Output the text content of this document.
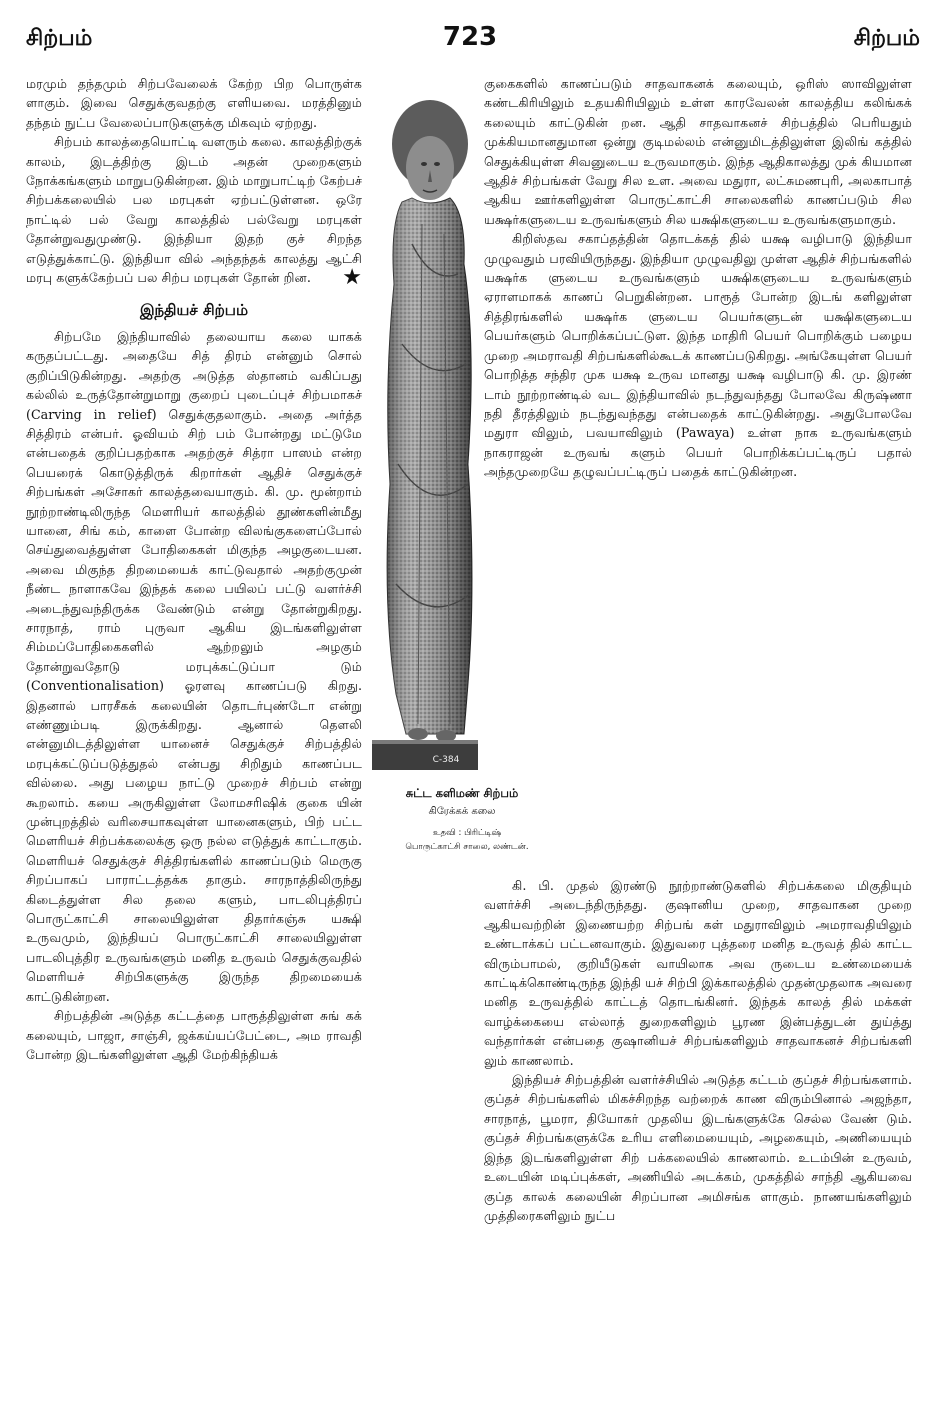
சிற்பம்	723	சிற்பம்

மரமும் தந்தமும் சிற்பவேலைக் கேற்ற பிற பொருள்க ளாகும். இவை செதுக்குவதற்கு எளியவை. மரத்தினும் தந்தம் நுட்ப வேலைப்பாடுகளுக்கு மிகவும் ஏற்றது.

சிற்பம் காலத்தையொட்டி வளரும் கலை. காலத்திற்குக் காலம், இடத்திற்கு இடம் அதன் முறைகளும் நோக்கங்களும் மாறுபடுகின்றன. இம் மாறுபாட்டிற் கேற்பச் சிற்பக்கலையில் பல மரபுகள் ஏற்பட்டுள்ளன. ஒரே நாட்டில் பல் வேறு காலத்தில் பல்வேறு மரபுகள் தோன்றுவதுமுண்டு. இந்தியா இதற் குச் சிறந்த எடுத்துக்காட்டு. இந்தியா வில் அந்தந்தக் காலத்து ஆட்சி மரபு களுக்கேற்பப் பல சிற்ப மரபுகள் தோன் றின.	★

இந்தியச் சிற்பம்

சிற்பமே இந்தியாவில் தலையாய கலை யாகக் கருதப்பட்டது. அதையே சித் திரம் என்னும் சொல் குறிப்பிடுகின்றது. அதற்கு அடுத்த ஸ்தானம் வகிப்பது கல்லில் உருத்தோன்றுமாறு குறைப் புடைப்புச் சிற்பமாகச் (Carving in relief) செதுக்குதலாகும். அதை அர்த்த சித்திரம் என்பர். ஓவியம் சிற் பம் போன்றது மட்டுமே என்பதைக் குறிப்பதற்காக அதற்குச் சித்ரா பாஸம் என்ற பெயரைக் கொடுத்திருக் கிறார்கள் ஆதிச் செதுக்குச் சிற்பங்கள் அசோகர் காலத்தவையாகும். கி. மு. மூன்றாம் நூற்றாண்டிலிருந்த மௌரியர் காலத்தில் தூண்களின்மீது யானை, சிங் கம், காளை போன்ற விலங்குகளைப்போல் செய்துவைத்துள்ள போதிகைகள் மிகுந்த அழகுடையன. அவை மிகுந்த திறமையைக் காட்டுவதால் அதற்குமுன் நீண்ட நாளாகவே இந்தக் கலை பயிலப் பட்டு வளர்ச்சி அடைந்துவந்திருக்க வேண்டும் என்று தோன்றுகிறது. சாரநாத், ராம் புருவா ஆகிய இடங்களிலுள்ள சிம்மப்போதிகைகளில் ஆற்றலும் அழகும் தோன்றுவதோடு மரபுக்கட்டுப்பா டும் (Conventionalisation) ஓரளவு காணப்படு கிறது. இதனால் பாரசீகக் கலையின் தொடர்புண்டோ என்று எண்ணும்படி இருக்கிறது. ஆனால் தௌலி என்னுமிடத்திலுள்ள யானைச் செதுக்குச் சிற்பத்தில் மரபுக்கட்டுப்படுத்துதல் என்பது சிறிதும் காணப்பட வில்லை. அது பழைய நாட்டு முறைச் சிற்பம் என்று கூறலாம். கயை அருகிலுள்ள லோமசரிஷிக் குகை யின் முன்புறத்தில் வரிசையாகவுள்ள யானைகளும், பிற் பட்ட மௌரியச் சிற்பக்கலைக்கு ஒரு நல்ல எடுத்துக் காட்டாகும். மௌரியச் செதுக்குச் சித்திரங்களில் காணப்படும் மெருகு சிறப்பாகப் பாராட்டத்தக்க தாகும். சாரநாத்திலிருந்து கிடைத்துள்ள சில தலை களும், பாடலிபுத்திரப் பொருட்காட்சி சாலையிலுள்ள திதார்கஞ்சு யக்ஷி உருவமும், இந்தியப் பொருட்காட்சி சாலையிலுள்ள பாடலிபுத்திர உருவங்களும் மனித உருவம் செதுக்குவதில் மௌரியச் சிற்பிகளுக்கு இருந்த திறமையைக் காட்டுகின்றன.

சிற்பத்தின் அடுத்த கட்டத்தை பாரூத்திலுள்ள சுங் கக் கலையும், பாஜா, சாஞ்சி, ஜக்கய்யப்பேட்டை, அம ராவதி போன்ற இடங்களிலுள்ள ஆதி மேற்கிந்தியக்

C-384
சுட்ட களிமண் சிற்பம்
கிரேக்கக் கலை
உதவி : பிரிட்டிஷ்
பொருட்காட்சி சாலை, லண்டன்.

குகைகளில் காணப்படும் சாதவாகனக் கலையும், ஒரிஸ் ஸாவிலுள்ள கண்டகிரியிலும் உதயகிரியிலும் உள்ள காரவேலன் காலத்திய கலிங்கக் கலையும் காட்டுகின் றன. ஆதி சாதவாகனச் சிற்பத்தில் பெரியதும் முக்கியமானதுமான ஒன்று குடிமல்லம் என்னுமிடத்திலுள்ள இலிங் கத்தில் செதுக்கியுள்ள சிவனுடைய உருவமாகும். இந்த ஆதிகாலத்து முக் கியமான ஆதிச் சிற்பங்கள் வேறு சில உள. அவை மதுரா, லட்சுமணபுரி, அலகாபாத் ஆகிய ஊர்களிலுள்ள பொருட்காட்சி சாலைகளில் காணப்படும் சில யக்ஷர்களுடைய உருவங்களும் சில யக்ஷிகளுடைய உருவங்களுமாகும்.

கிறிஸ்தவ சகாப்தத்தின் தொடக்கத் தில் யக்ஷ வழிபாடு இந்தியா முழுவதும் பரவியிருந்தது. இந்தியா முழுவதிலு முள்ள ஆதிச் சிற்பங்களில் யக்ஷர்க ளுடைய உருவங்களும் யக்ஷிகளுடைய உருவங்களும் ஏராளமாகக் காணப் பெறுகின்றன. பாரூத் போன்ற இடங் களிலுள்ள சித்திரங்களில் யக்ஷர்க ளுடைய பெயர்களுடன் யக்ஷிகளுடைய பெயர்களும் பொறிக்கப்பட்டுள. இந்த மாதிரி பெயர் பொறிக்கும் பழைய முறை அமராவதி சிற்பங்களில்கூடக் காணப்படுகிறது. அங்கேயுள்ள பெயர் பொறித்த சந்திர முக யக்ஷ உருவ மானது யக்ஷ வழிபாடு கி. மு. இரண் டாம் நூற்றாண்டில் வட இந்தியாவில் நடந்துவந்தது போலவே கிருஷ்ணா நதி தீரத்திலும் நடந்துவந்தது என்பதைக் காட்டுகின்றது. அதுபோலவே மதுரா விலும், பவயாவிலும் (Pawaya) உள்ள நாக உருவங்களும் நாகராஜன் உருவங் களும் பெயர் பொறிக்கப்பட்டிருப் பதால் அந்தமுறையே தழுவப்பட்டிருப் பதைக் காட்டுகின்றன.

கி. பி. முதல் இரண்டு நூற்றாண்டுகளில் சிற்பக்கலை மிகுதியும் வளர்ச்சி அடைந்திருந்தது. குஷானிய முறை, சாதவாகன முறை ஆகியவற்றின் இணையற்ற சிற்பங் கள் மதுராவிலும் அமராவதியிலும் உண்டாக்கப் பட்டனவாகும். இதுவரை புத்தரை மனித உருவத் தில் காட்ட விரும்பாமல், குறியீடுகள் வாயிலாக அவ ருடைய உண்மையைக் காட்டிக்கொண்டிருந்த இந்தி யச் சிற்பி இக்காலத்தில் முதன்முதலாக அவரை மனித உருவத்தில் காட்டத் தொடங்கினர். இந்தக் காலத் தில் மக்கள் வாழ்க்கையை எல்லாத் துறைகளிலும் பூரண இன்பத்துடன் துய்த்து வந்தார்கள் என்பதை குஷானியச் சிற்பங்களிலும் சாதவாகனச் சிற்பங்களி லும் காணலாம்.

இந்தியச் சிற்பத்தின் வளர்ச்சியில் அடுத்த கட்டம் குப்தச் சிற்பங்களாம். குப்தச் சிற்பங்களில் மிகச்சிறந்த வற்றைக் காண விரும்பினால் அஜந்தா, சாரநாத், பூமரா, தியோகர் முதலிய இடங்களுக்கே செல்ல வேண் டும். குப்தச் சிற்பங்களுக்கே உரிய எளிமையையும், அழகையும், அணியையும் இந்த இடங்களிலுள்ள சிற் பக்கலையில் காணலாம். உடம்பின் உருவம், உடையின் மடிப்புக்கள், அணியில் அடக்கம், முகத்தில் சாந்தி ஆகியவை குப்த காலக் கலையின் சிறப்பான அமிசங்க ளாகும். நாணயங்களிலும் முத்திரைகளிலும் நுட்ப
